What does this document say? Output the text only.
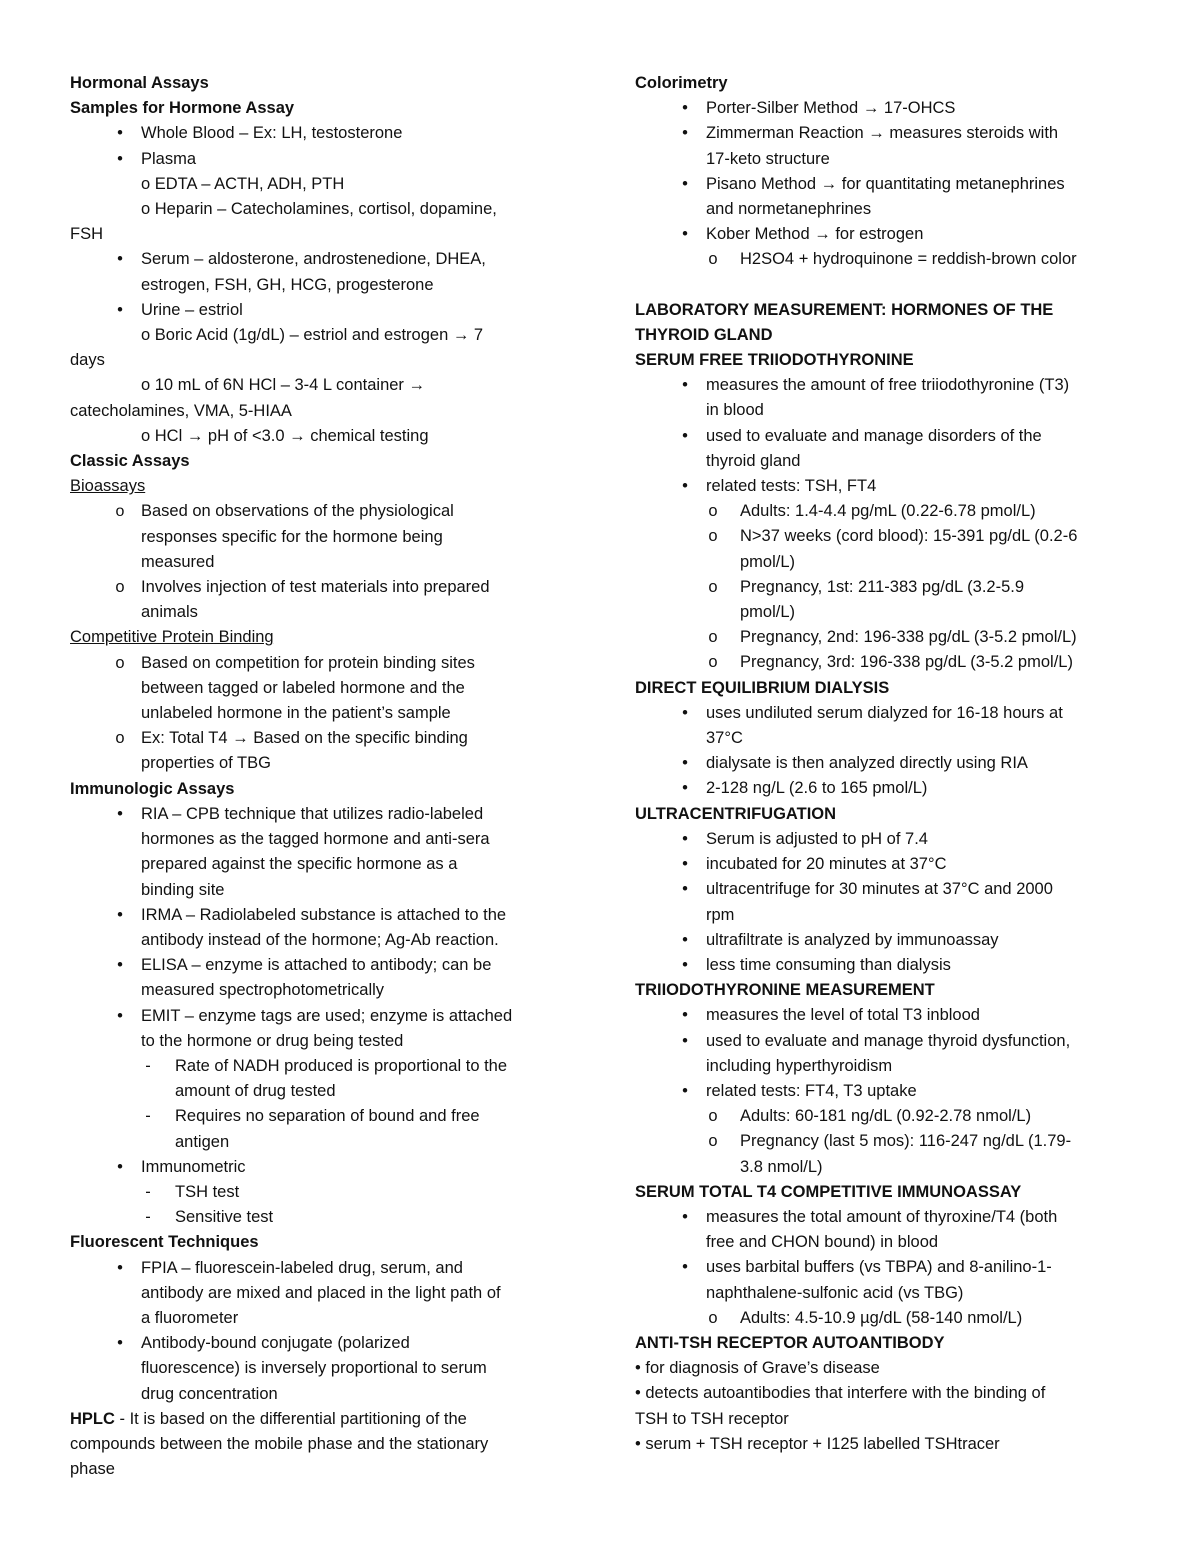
Hormonal Assays
Samples for Hormone Assay
•	Whole Blood – Ex: LH, testosterone
•	Plasma
o EDTA – ACTH, ADH, PTH
o Heparin – Catecholamines, cortisol, dopamine,
FSH
•	Serum – aldosterone, androstenedione, DHEA,
estrogen, FSH, GH, HCG, progesterone
•	Urine – estriol
o Boric Acid (1g/dL) – estriol and estrogen → 7
days
o 10 mL of 6N HCl – 3-4 L container →
catecholamines, VMA, 5-HIAA
o HCl → pH of <3.0 → chemical testing
Classic Assays
Bioassays
o	Based on observations of the physiological
responses specific for the hormone being
measured
o Involves injection of test materials into prepared
animals
Competitive Protein Binding
o Based on competition for protein binding sites
between tagged or labeled hormone and the
unlabeled hormone in the patient’s sample
o Ex: Total T4 → Based on the specific binding
properties of TBG
Immunologic Assays
•	RIA – CPB technique that utilizes radio-labeled
hormones as the tagged hormone and anti-sera
prepared against the specific hormone as a
binding site
•	IRMA – Radiolabeled substance is attached to the
antibody instead of the hormone; Ag-Ab reaction.
•	ELISA – enzyme is attached to antibody; can be
measured spectrophotometrically
•	EMIT – enzyme tags are used; enzyme is attached
to the hormone or drug being tested
-	Rate of NADH produced is proportional to the
amount of drug tested
-	Requires no separation of bound and free
antigen
•	Immunometric
-	TSH test
-	Sensitive test
Fluorescent Techniques
•	FPIA – fluorescein-labeled drug, serum, and
antibody are mixed and placed in the light path of
a fluorometer
•	Antibody-bound conjugate (polarized
fluorescence) is inversely proportional to serum
drug concentration
HPLC - It is based on the differential partitioning of the
compounds between the mobile phase and the stationary
phase
Colorimetry
•	Porter-Silber Method → 17-OHCS
•	Zimmerman Reaction → measures steroids with
17-keto structure
•	Pisano Method → for quantitating metanephrines
and normetanephrines
•	Kober Method → for estrogen
o	H2SO4 + hydroquinone = reddish-brown color
LABORATORY MEASUREMENT: HORMONES OF THE
THYROID GLAND
SERUM FREE TRIIODOTHYRONINE
•	measures the amount of free triiodothyronine (T3)
in blood
•	used to evaluate and manage disorders of the
thyroid gland
•	related tests: TSH, FT4
o	Adults: 1.4-4.4 pg/mL (0.22-6.78 pmol/L)
o	N>37 weeks (cord blood): 15-391 pg/dL (0.2-6
pmol/L)
o	Pregnancy, 1st: 211-383 pg/dL (3.2-5.9
pmol/L)
o	Pregnancy, 2nd: 196-338 pg/dL (3-5.2 pmol/L)
o	Pregnancy, 3rd: 196-338 pg/dL (3-5.2 pmol/L)
DIRECT EQUILIBRIUM DIALYSIS
•	uses undiluted serum dialyzed for 16-18 hours at
37°C
•	dialysate is then analyzed directly using RIA
•	2-128 ng/L (2.6 to 165 pmol/L)
ULTRACENTRIFUGATION
•	Serum is adjusted to pH of 7.4
•	incubated for 20 minutes at 37°C
•	ultracentrifuge for 30 minutes at 37°C and 2000
rpm
•	ultrafiltrate is analyzed by immunoassay
•	less time consuming than dialysis
TRIIODOTHYRONINE MEASUREMENT
•	measures the level of total T3 inblood
•	used to evaluate and manage thyroid dysfunction,
including hyperthyroidism
•	related tests: FT4, T3 uptake
o	Adults: 60-181 ng/dL (0.92-2.78 nmol/L)
o	Pregnancy (last 5 mos): 116-247 ng/dL (1.79-
3.8 nmol/L)
SERUM TOTAL T4 COMPETITIVE IMMUNOASSAY
•	measures the total amount of thyroxine/T4 (both
free and CHON bound) in blood
•	uses barbital buffers (vs TBPA) and 8-anilino-1-
naphthalene-sulfonic acid (vs TBG)
o	Adults: 4.5-10.9 µg/dL (58-140 nmol/L)
ANTI-TSH RECEPTOR AUTOANTIBODY
• for diagnosis of Grave’s disease
• detects autoantibodies that interfere with the binding of
TSH to TSH receptor
• serum + TSH receptor + I125 labelled TSHtracer
